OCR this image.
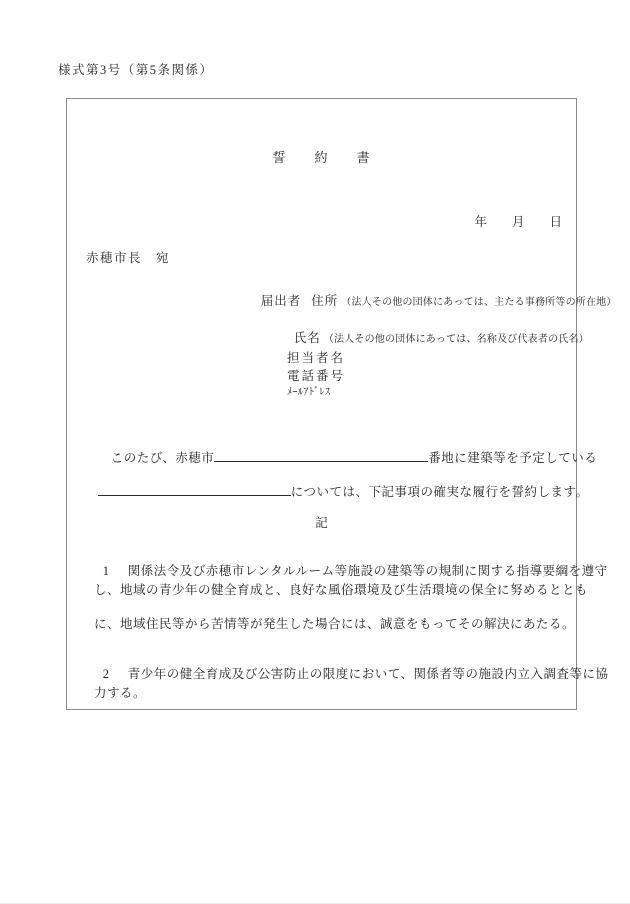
様式第3号（第5条関係）
誓　　約　　書
年　　月　　日
赤穂市長　宛

届出者 住所 （法人その他の団体にあっては、主たる事務所等の所在地）

氏名 （法人その他の団体にあっては、名称及び代表者の氏名）

担当者名
電話番号
ﾒｰﾙｱﾄﾞﾚｽ

このたび、赤穂市	番地に建築等を予定している

については、下記事項の確実な履行を誓約します。

記

1 関係法令及び赤穂市レンタルルーム等施設の建築等の規制に関する指導要綱を遵守

し、地域の青少年の健全育成と、良好な風俗環境及び生活環境の保全に努めるととも
に、地域住民等から苦情等が発生した場合には、誠意をもってその解決にあたる。

2 青少年の健全育成及び公害防止の限度において、関係者等の施設内立入調査等に協

力する。
